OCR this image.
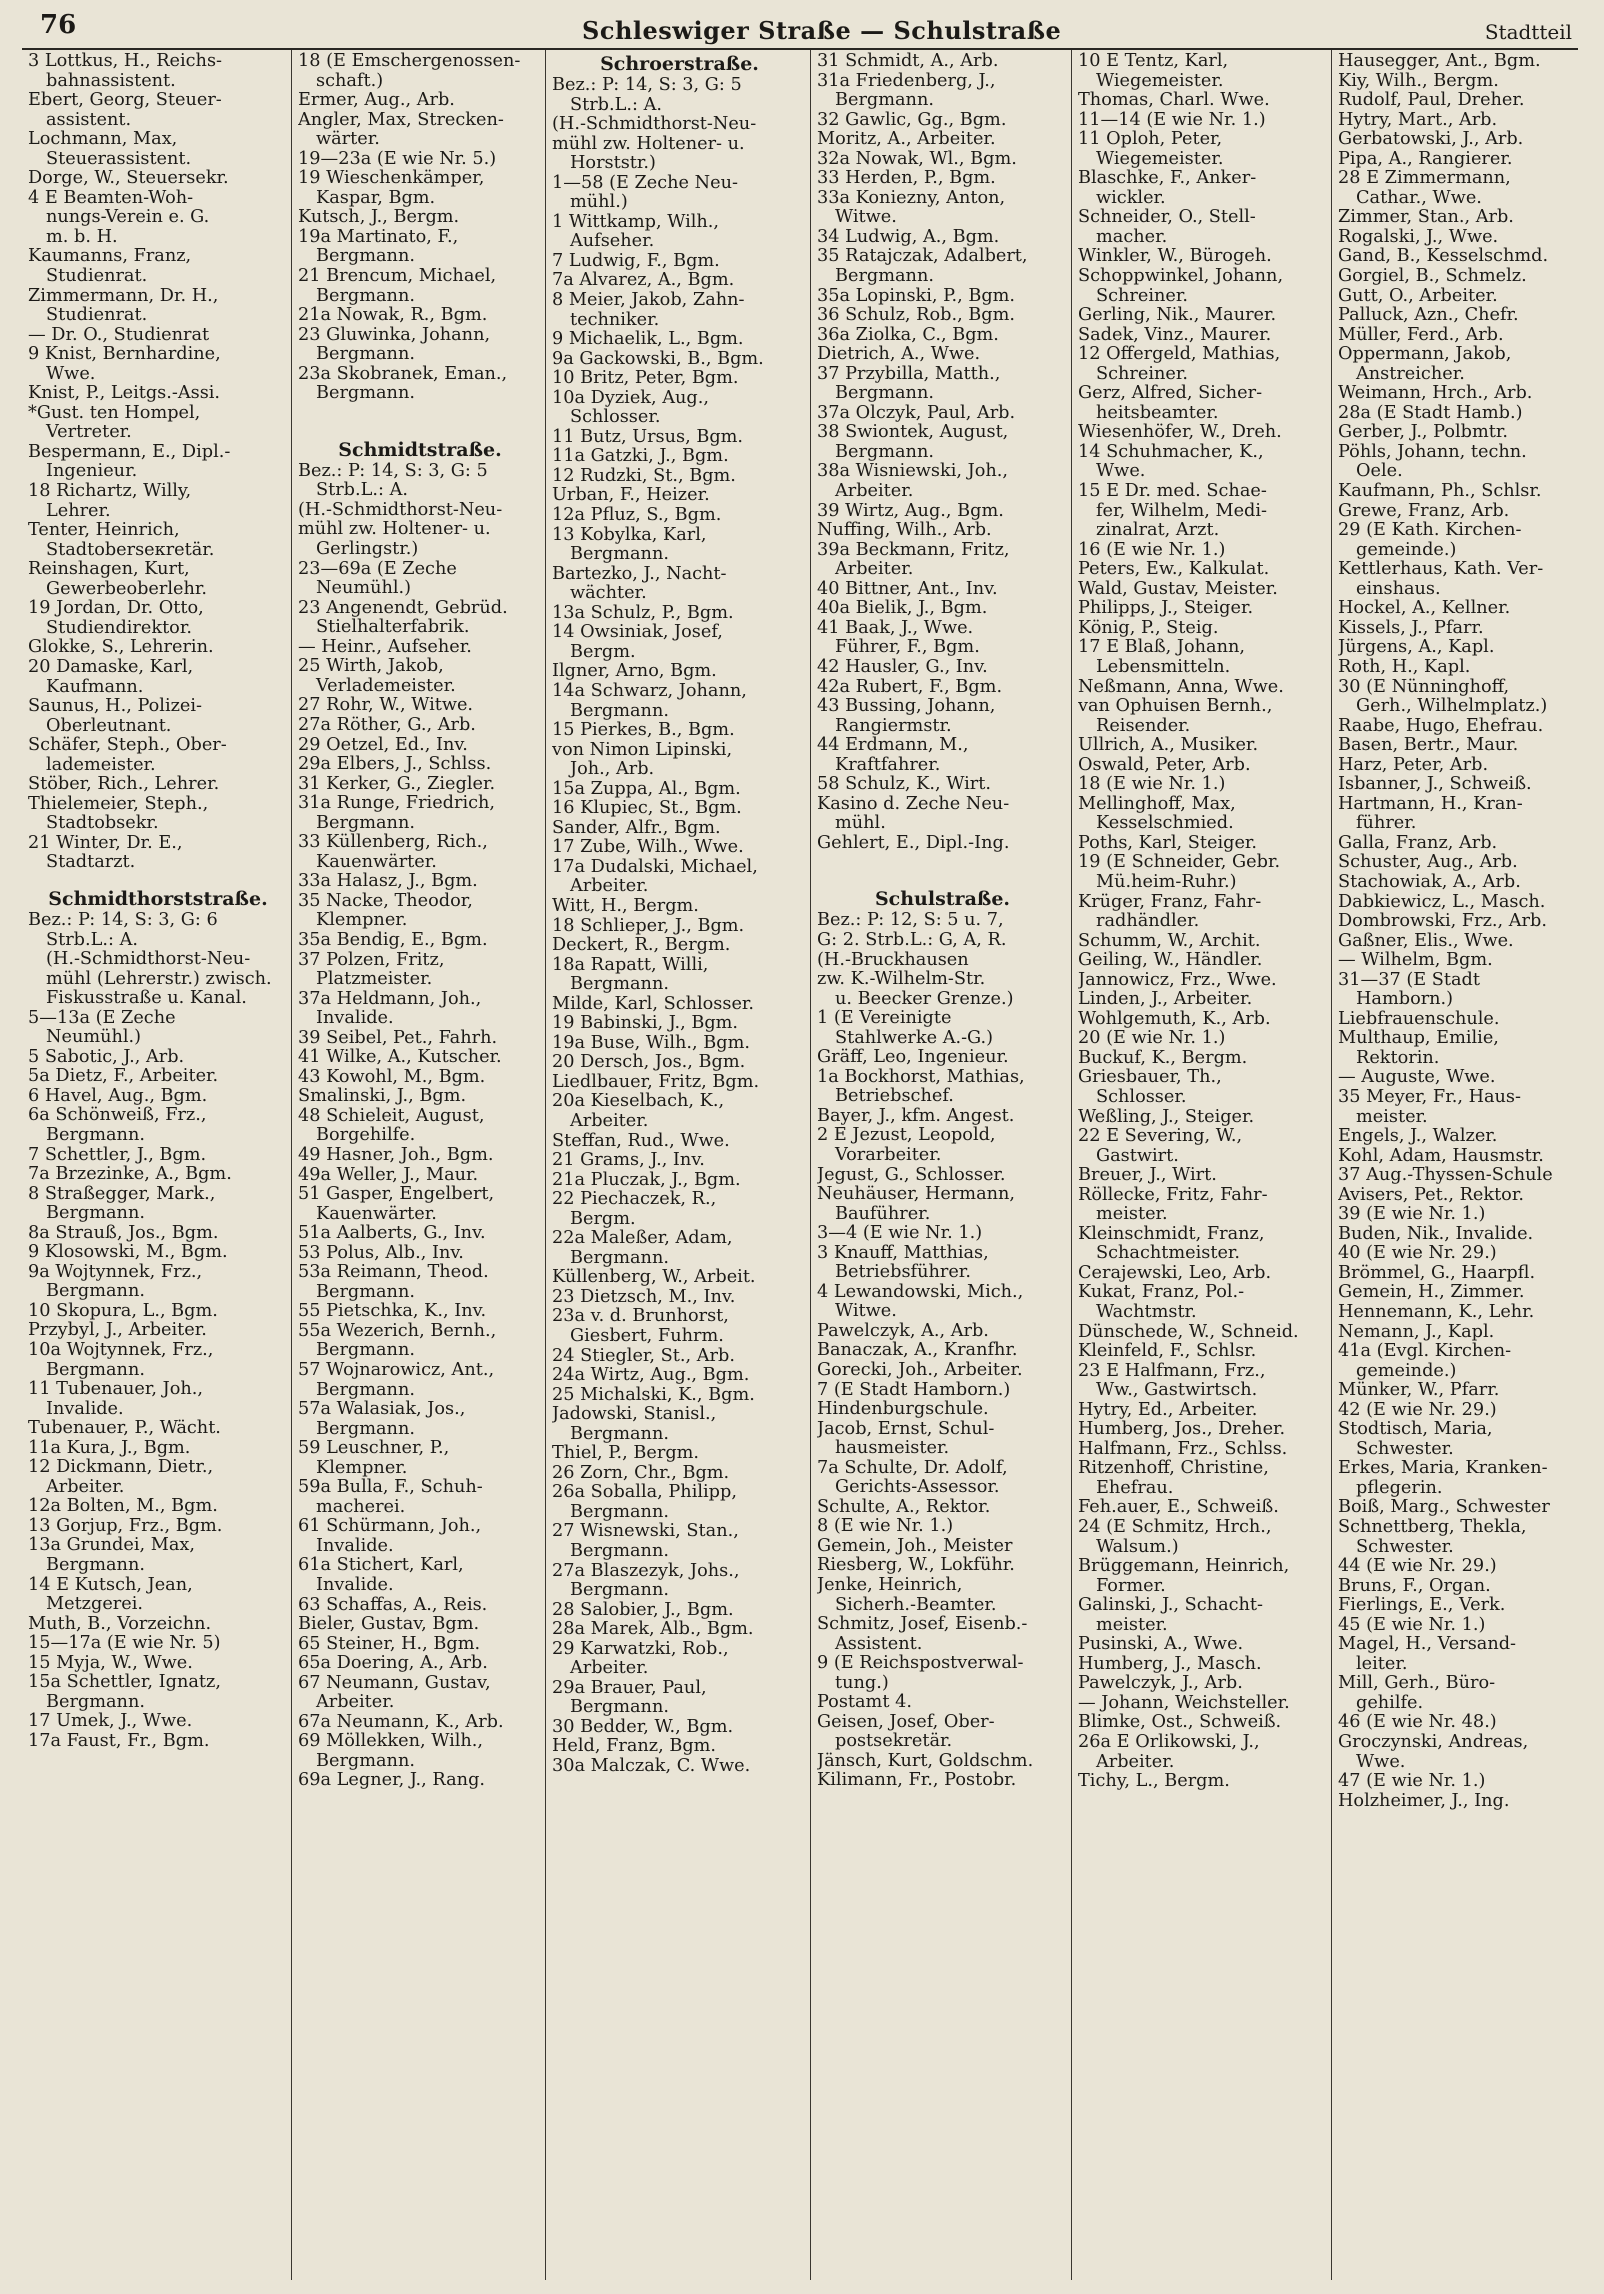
76	Schleswiger Straße — Schulstraße	Stadtteil
3 Lottkus, H., Reichs-
bahnassistent.
Ebert, Georg, Steuer-
assistent.
Lochmann, Max,
Steuerassistent.
Dorge, W., Steuersekr.
4 E Beamten-Woh-
nungs-Verein e. G.
m. b. H.
Kaumanns, Franz,
Studienrat.
Zimmermann, Dr. H.,
Studienrat.
— Dr. O., Studienrat
9 Knist, Bernhardine,
Wwe.
Knist, P., Leitgs.-Assi.
*Gust. ten Hompel,
Vertreter.
Bespermann, E., Dipl.-
Ingenieur.
18 Richartz, Willy,
Lehrer.
Tenter, Heinrich,
Stadtoberseкretär.
Reinshagen, Kurt,
Gewerbeoberlehr.
19 Jordan, Dr. Otto,
Studiendirektor.
Glokke, S., Lehrerin.
20 Damaske, Karl,
Kaufmann.
Saunus, H., Polizei-
Oberleutnant.
Schäfer, Steph., Ober-
lademeister.
Stöber, Rich., Lehrer.
Thielemeier, Steph.,
Stadtobsekr.
21 Winter, Dr. E.,
Stadtarzt.
Schmidthorststraße.
Bez.: P: 14, S: 3, G: 6
Strb.L.: A.
(H.-Schmidthorst-Neu-
mühl (Lehrerstr.) zwisch.
Fiskusstraße u. Kanal.
5—13a (E Zeche
Neumühl.)
5 Sabotic, J., Arb.
5a Dietz, F., Arbeiter.
6 Havel, Aug., Bgm.
6a Schönweiß, Frz.,
Bergmann.
7 Schettler, J., Bgm.
7a Brzezinke, A., Bgm.
8 Straßegger, Mark.,
Bergmann.
8a Strauß, Jos., Bgm.
9 Klosowski, M., Bgm.
9a Wojtynnek, Frz.,
Bergmann.
10 Skopura, L., Bgm.
Przybyl, J., Arbeiter.
10a Wojtynnek, Frz.,
Bergmann.
11 Tubenauer, Joh.,
Invalide.
Tubenauer, P., Wächt.
11a Kura, J., Bgm.
12 Dickmann, Dietr.,
Arbeiter.
12a Bolten, M., Bgm.
13 Gorjup, Frz., Bgm.
13a Grundei, Max,
Bergmann.
14 E Kutsch, Jean,
Metzgerei.
Muth, B., Vorzeichn.
15—17a (E wie Nr. 5)
15 Myja, W., Wwe.
15a Schettler, Ignatz,
Bergmann.
17 Umek, J., Wwe.
17a Faust, Fr., Bgm.
18 (E Emschergenossen-
schaft.)
Ermer, Aug., Arb.
Angler, Max, Strecken-
wärter.
19—23a (E wie Nr. 5.)
19 Wieschenkämper,
Kaspar, Bgm.
Kutsch, J., Bergm.
19a Martinato, F.,
Bergmann.
21 Brencum, Michael,
Bergmann.
21a Nowak, R., Bgm.
23 Gluwinka, Johann,
Bergmann.
23a Skobranek, Eman.,
Bergmann.
Schmidtstraße.
Bez.: P: 14, S: 3, G: 5
Strb.L.: A.
(H.-Schmidthorst-Neu-
mühl zw. Holtener- u.
Gerlingstr.)
23—69a (E Zeche
Neumühl.)
23 Angenendt, Gebrüd.
Stielhalterfabrik.
— Heinr., Aufseher.
25 Wirth, Jakob,
Verlademeister.
27 Rohr, W., Witwe.
27a Röther, G., Arb.
29 Oetzel, Ed., Inv.
29a Elbers, J., Schlss.
31 Kerker, G., Ziegler.
31a Runge, Friedrich,
Bergmann.
33 Küllenberg, Rich.,
Kauenwärter.
33a Halasz, J., Bgm.
35 Nacke, Theodor,
Klempner.
35a Bendig, E., Bgm.
37 Polzen, Fritz,
Platzmeister.
37a Heldmann, Joh.,
Invalide.
39 Seibel, Pet., Fahrh.
41 Wilke, A., Kutscher.
43 Kowohl, M., Bgm.
Smalinski, J., Bgm.
48 Schieleit, August,
Borgehilfe.
49 Hasner, Joh., Bgm.
49a Weller, J., Maur.
51 Gasper, Engelbert,
Kauenwärter.
51a Aalberts, G., Inv.
53 Polus, Alb., Inv.
53a Reimann, Theod.
Bergmann.
55 Pietschka, K., Inv.
55a Wezerich, Bernh.,
Bergmann.
57 Wojnarowicz, Ant.,
Bergmann.
57a Walasiak, Jos.,
Bergmann.
59 Leuschner, P.,
Klempner.
59a Bulla, F., Schuh-
macherei.
61 Schürmann, Joh.,
Invalide.
61a Stichert, Karl,
Invalide.
63 Schaffas, A., Reis.
Bieler, Gustav, Bgm.
65 Steiner, H., Bgm.
65a Doering, A., Arb.
67 Neumann, Gustav,
Arbeiter.
67a Neumann, K., Arb.
69 Möllekken, Wilh.,
Bergmann.
69a Legner, J., Rang.
Schroerstraße.
Bez.: P: 14, S: 3, G: 5
Strb.L.: A.
(H.-Schmidthorst-Neu-
mühl zw. Holtener- u.
Horststr.)
1—58 (E Zeche Neu-
mühl.)
1 Wittkamp, Wilh.,
Aufseher.
7 Ludwig, F., Bgm.
7a Alvarez, A., Bgm.
8 Meier, Jakob, Zahn-
techniker.
9 Michaelik, L., Bgm.
9a Gackowski, B., Bgm.
10 Britz, Peter, Bgm.
10a Dyziek, Aug.,
Schlosser.
11 Butz, Ursus, Bgm.
11a Gatzki, J., Bgm.
12 Rudzki, St., Bgm.
Urban, F., Heizer.
12a Pfluz, S., Bgm.
13 Kobylka, Karl,
Bergmann.
Bartezko, J., Nacht-
wächter.
13a Schulz, P., Bgm.
14 Owsiniak, Josef,
Bergm.
Ilgner, Arno, Bgm.
14a Schwarz, Johann,
Bergmann.
15 Pierkes, B., Bgm.
von Nimon Lipinski,
Joh., Arb.
15a Zuppa, Al., Bgm.
16 Klupiec, St., Bgm.
Sander, Alfr., Bgm.
17 Zube, Wilh., Wwe.
17a Dudalski, Michael,
Arbeiter.
Witt, H., Bergm.
18 Schlieper, J., Bgm.
Deckert, R., Bergm.
18a Rapatt, Willi,
Bergmann.
Milde, Karl, Schlosser.
19 Babinski, J., Bgm.
19a Buse, Wilh., Bgm.
20 Dersch, Jos., Bgm.
Liedlbauer, Fritz, Bgm.
20a Kieselbach, K.,
Arbeiter.
Steffan, Rud., Wwe.
21 Grams, J., Inv.
21a Pluczak, J., Bgm.
22 Piechaczek, R.,
Bergm.
22a Maleßer, Adam,
Bergmann.
Küllenberg, W., Arbeit.
23 Dietzsch, M., Inv.
23a v. d. Brunhorst,
Giesbert, Fuhrm.
24 Stiegler, St., Arb.
24a Wirtz, Aug., Bgm.
25 Michalski, K., Bgm.
Jadowski, Stanisl.,
Bergmann.
Thiel, P., Bergm.
26 Zorn, Chr., Bgm.
26a Soballa, Philipp,
Bergmann.
27 Wisnewski, Stan.,
Bergmann.
27a Blaszezyk, Johs.,
Bergmann.
28 Salobier, J., Bgm.
28a Marek, Alb., Bgm.
29 Karwatzki, Rob.,
Arbeiter.
29a Brauer, Paul,
Bergmann.
30 Bedder, W., Bgm.
Held, Franz, Bgm.
30a Malczak, C. Wwe.
31 Schmidt, A., Arb.
31a Friedenberg, J.,
Bergmann.
32 Gawlic, Gg., Bgm.
Moritz, A., Arbeiter.
32a Nowak, Wl., Bgm.
33 Herden, P., Bgm.
33a Koniezny, Anton,
Witwe.
34 Ludwig, A., Bgm.
35 Ratajczak, Adalbert,
Bergmann.
35a Lopinski, P., Bgm.
36 Schulz, Rob., Bgm.
36a Ziolka, C., Bgm.
Dietrich, A., Wwe.
37 Przybilla, Matth.,
Bergmann.
37a Olczyk, Paul, Arb.
38 Swiontek, August,
Bergmann.
38a Wisniewski, Joh.,
Arbeiter.
39 Wirtz, Aug., Bgm.
Nuffing, Wilh., Arb.
39a Beckmann, Fritz,
Arbeiter.
40 Bittner, Ant., Inv.
40a Bielik, J., Bgm.
41 Baak, J., Wwe.
Führer, F., Bgm.
42 Hausler, G., Inv.
42a Rubert, F., Bgm.
43 Bussing, Johann,
Rangiermstr.
44 Erdmann, M.,
Kraftfahrer.
58 Schulz, K., Wirt.
Kasino d. Zeche Neu-
mühl.
Gehlert, E., Dipl.-Ing.
Schulstraße.
Bez.: P: 12, S: 5 u. 7,
G: 2. Strb.L.: G, A, R.
(H.-Bruckhausen
zw. K.-Wilhelm-Str.
u. Beecker Grenze.)
1 (E Vereinigte
Stahlwerke A.-G.)
Gräff, Leo, Ingenieur.
1a Bockhorst, Mathias,
Betriebschef.
Bayer, J., kfm. Angest.
2 E Jezust, Leopold,
Vorarbeiter.
Jegust, G., Schlosser.
Neuhäuser, Hermann,
Bauführer.
3—4 (E wie Nr. 1.)
3 Knauff, Matthias,
Betriebsführer.
4 Lewandowski, Mich.,
Witwe.
Pawelczyk, A., Arb.
Banaczak, A., Kranfhr.
Gorecki, Joh., Arbeiter.
7 (E Stadt Hamborn.)
Hindenburgschule.
Jacob, Ernst, Schul-
hausmeister.
7a Schulte, Dr. Adolf,
Gerichts-Assessor.
Schulte, A., Rektor.
8 (E wie Nr. 1.)
Gemein, Joh., Meister
Riesberg, W., Lokführ.
Jenke, Heinrich,
Sicherh.-Beamter.
Schmitz, Josef, Eisenb.-
Assistent.
9 (E Reichspostverwal-
tung.)
Postamt 4.
Geisen, Josef, Ober-
postsekretär.
Jänsch, Kurt, Goldschm.
Kilimann, Fr., Postobr.
10 E Tentz, Karl,
Wiegemeister.
Thomas, Charl. Wwe.
11—14 (E wie Nr. 1.)
11 Oploh, Peter,
Wiegemeister.
Blaschke, F., Anker-
wickler.
Schneider, O., Stell-
macher.
Winkler, W., Bürogeh.
Schoppwinkel, Johann,
Schreiner.
Gerling, Nik., Maurer.
Sadek, Vinz., Maurer.
12 Offergeld, Mathias,
Schreiner.
Gerz, Alfred, Sicher-
heitsbeamter.
Wiesenhöfer, W., Dreh.
14 Schuhmacher, K.,
Wwe.
15 E Dr. med. Schae-
fer, Wilhelm, Medi-
zinalrat, Arzt.
16 (E wie Nr. 1.)
Peters, Ew., Kalkulat.
Wald, Gustav, Meister.
Philipps, J., Steiger.
König, P., Steig.
17 E Blaß, Johann,
Lebensmitteln.
Neßmann, Anna, Wwe.
van Ophuisen Bernh.,
Reisender.
Ullrich, A., Musiker.
Oswald, Peter, Arb.
18 (E wie Nr. 1.)
Mellinghoff, Max,
Kesselschmied.
Poths, Karl, Steiger.
19 (E Schneider, Gebr.
Mü.heim-Ruhr.)
Krüger, Franz, Fahr-
radhändler.
Schumm, W., Archit.
Geiling, W., Händler.
Jannowicz, Frz., Wwe.
Linden, J., Arbeiter.
Wohlgemuth, K., Arb.
20 (E wie Nr. 1.)
Buckuf, K., Bergm.
Griesbauer, Th.,
Schlosser.
Weßling, J., Steiger.
22 E Severing, W.,
Gastwirt.
Breuer, J., Wirt.
Röllecke, Fritz, Fahr-
meister.
Kleinschmidt, Franz,
Schachtmeister.
Cerajewski, Leo, Arb.
Kukat, Franz, Pol.-
Wachtmstr.
Dünschede, W., Schneid.
Kleinfeld, F., Schlsr.
23 E Halfmann, Frz.,
Ww., Gastwirtsch.
Hytry, Ed., Arbeiter.
Humberg, Jos., Dreher.
Halfmann, Frz., Schlss.
Ritzenhoff, Christine,
Ehefrau.
Feh.auer, E., Schweiß.
24 (E Schmitz, Hrch.,
Walsum.)
Brüggemann, Heinrich,
Former.
Galinski, J., Schacht-
meister.
Pusinski, A., Wwe.
Humberg, J., Masch.
Pawelczyk, J., Arb.
— Johann, Weichsteller.
Blimke, Ost., Schweiß.
26a E Orlikowski, J.,
Arbeiter.
Tichy, L., Bergm.
Hausegger, Ant., Bgm.
Kiy, Wilh., Bergm.
Rudolf, Paul, Dreher.
Hytry, Mart., Arb.
Gerbatowski, J., Arb.
Pipa, A., Rangierer.
28 E Zimmermann,
Cathar., Wwe.
Zimmer, Stan., Arb.
Rogalski, J., Wwe.
Gand, B., Kesselschmd.
Gorgiel, B., Schmelz.
Gutt, O., Arbeiter.
Palluck, Azn., Chefr.
Müller, Ferd., Arb.
Oppermann, Jakob,
Anstreicher.
Weimann, Hrch., Arb.
28a (E Stadt Hamb.)
Gerber, J., Polbmtr.
Pöhls, Johann, techn.
Oele.
Kaufmann, Ph., Schlsr.
Grewe, Franz, Arb.
29 (E Kath. Kirchen-
gemeinde.)
Kettlerhaus, Kath. Ver-
einshaus.
Hockel, A., Kellner.
Kissels, J., Pfarr.
Jürgens, A., Kapl.
Roth, H., Kapl.
30 (E Nünninghoff,
Gerh., Wilhelmplatz.)
Raabe, Hugo, Ehefrau.
Basen, Bertr., Maur.
Harz, Peter, Arb.
Isbanner, J., Schweiß.
Hartmann, H., Kran-
führer.
Galla, Franz, Arb.
Schuster, Aug., Arb.
Stachowiak, A., Arb.
Dabkiewicz, L., Masch.
Dombrowski, Frz., Arb.
Gaßner, Elis., Wwe.
— Wilhelm, Bgm.
31—37 (E Stadt
Hamborn.)
Liebfrauenschule.
Multhaup, Emilie,
Rektorin.
— Auguste, Wwe.
35 Meyer, Fr., Haus-
meister.
Engels, J., Walzer.
Kohl, Adam, Hausmstr.
37 Aug.-Thyssen-Schule
Avisers, Pet., Rektor.
39 (E wie Nr. 1.)
Buden, Nik., Invalide.
40 (E wie Nr. 29.)
Brömmel, G., Haarpfl.
Gemein, H., Zimmer.
Hennemann, K., Lehr.
Nemann, J., Kapl.
41a (Evgl. Kirchen-
gemeinde.)
Münker, W., Pfarr.
42 (E wie Nr. 29.)
Stodtisch, Maria,
Schwester.
Erkes, Maria, Kranken-
pflegerin.
Boiß, Marg., Schwester
Schnettberg, Thekla,
Schwester.
44 (E wie Nr. 29.)
Bruns, F., Organ.
Fierlings, E., Verk.
45 (E wie Nr. 1.)
Magel, H., Versand-
leiter.
Mill, Gerh., Büro-
gehilfe.
46 (E wie Nr. 48.)
Groczynski, Andreas,
Wwe.
47 (E wie Nr. 1.)
Holzheimer, J., Ing.
